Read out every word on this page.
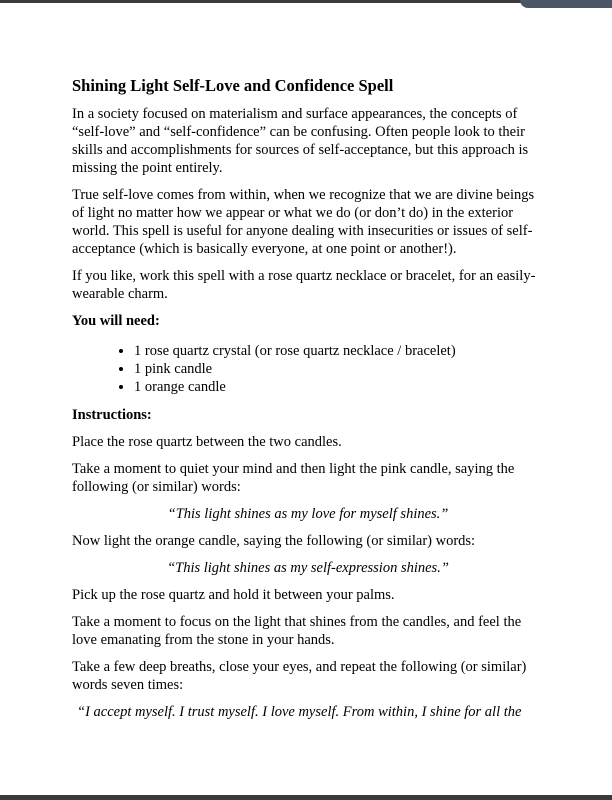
Shining Light Self-Love and Confidence Spell

In a society focused on materialism and surface appearances, the concepts of “self-love” and “self-confidence” can be confusing. Often people look to their skills and accomplishments for sources of self-acceptance, but this approach is missing the point entirely.

True self-love comes from within, when we recognize that we are divine beings of light no matter how we appear or what we do (or don’t do) in the exterior world. This spell is useful for anyone dealing with insecurities or issues of self-acceptance (which is basically everyone, at one point or another!).

If you like, work this spell with a rose quartz necklace or bracelet, for an easily-wearable charm.

You will need:
• 1 rose quartz crystal (or rose quartz necklace / bracelet)
• 1 pink candle
• 1 orange candle
Instructions:

Place the rose quartz between the two candles.

Take a moment to quiet your mind and then light the pink candle, saying the following (or similar) words:

“This light shines as my love for myself shines.”

Now light the orange candle, saying the following (or similar) words:

“This light shines as my self-expression shines.”

Pick up the rose quartz and hold it between your palms.

Take a moment to focus on the light that shines from the candles, and feel the love emanating from the stone in your hands.

Take a few deep breaths, close your eyes, and repeat the following (or similar) words seven times:

“I accept myself. I trust myself. I love myself. From within, I shine for all the
